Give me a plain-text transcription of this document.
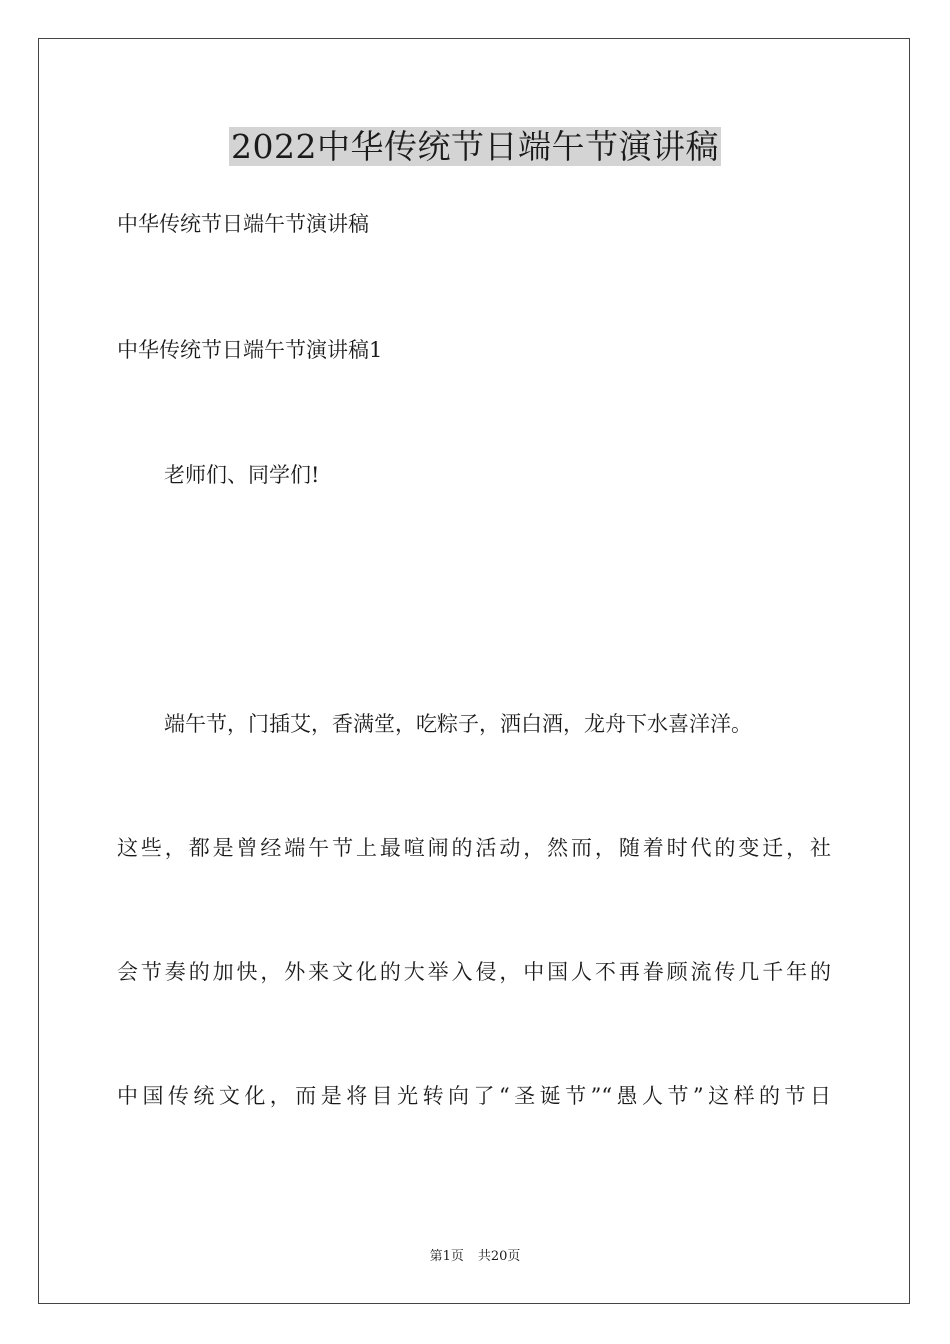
2022中华传统节日端午节演讲稿
中华传统节日端午节演讲稿
中华传统节日端午节演讲稿1
老师们、同学们!
端午节，门插艾，香满堂，吃粽子，洒白酒，龙舟下水喜洋洋。
这些，都是曾经端午节上最喧闹的活动，然而，随着时代的变迁，社
会节奏的加快，外来文化的大举入侵，中国人不再眷顾流传几千年的
中国传统文化，而是将目光转向了“圣诞节”“愚人节”这样的节日
第1页 共20页
